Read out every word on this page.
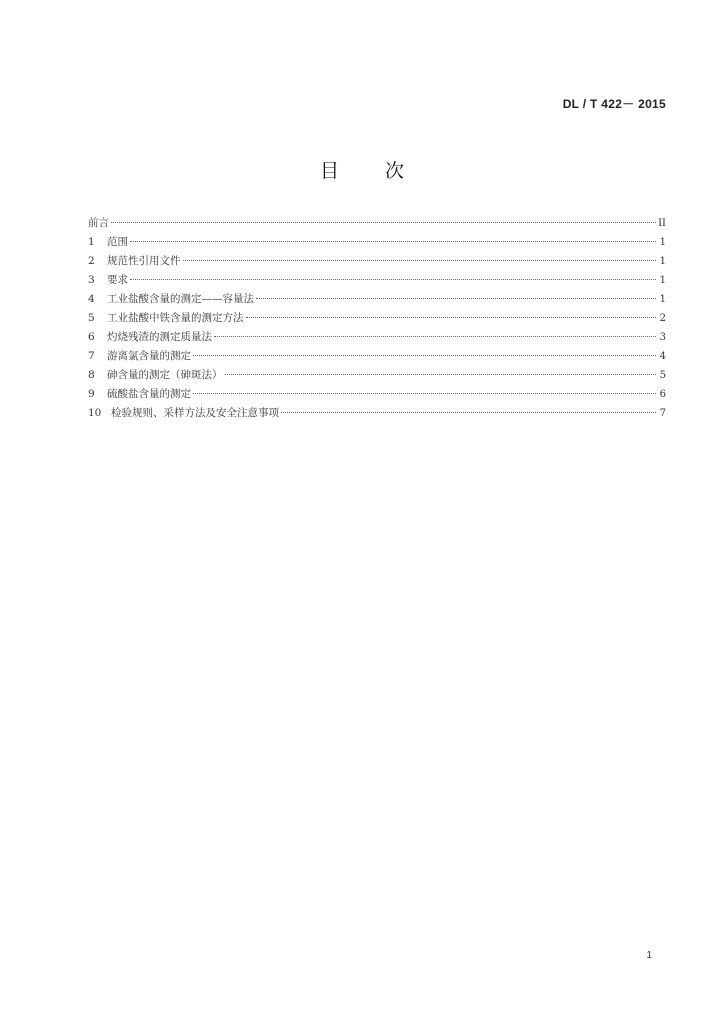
DL / T 422－ 2015
目 次
前言	II
1	范围	1
2	规范性引用文件	1
3	要求	1
4	工业盐酸含量的测定——容量法	1
5	工业盐酸中铁含量的测定方法	2
6	灼烧残渣的测定质量法	3
7	游离氯含量的测定	4
8	砷含量的测定（砷斑法）	5
9	硫酸盐含量的测定	6
10 检验规则、采样方法及安全注意事项	7
1
